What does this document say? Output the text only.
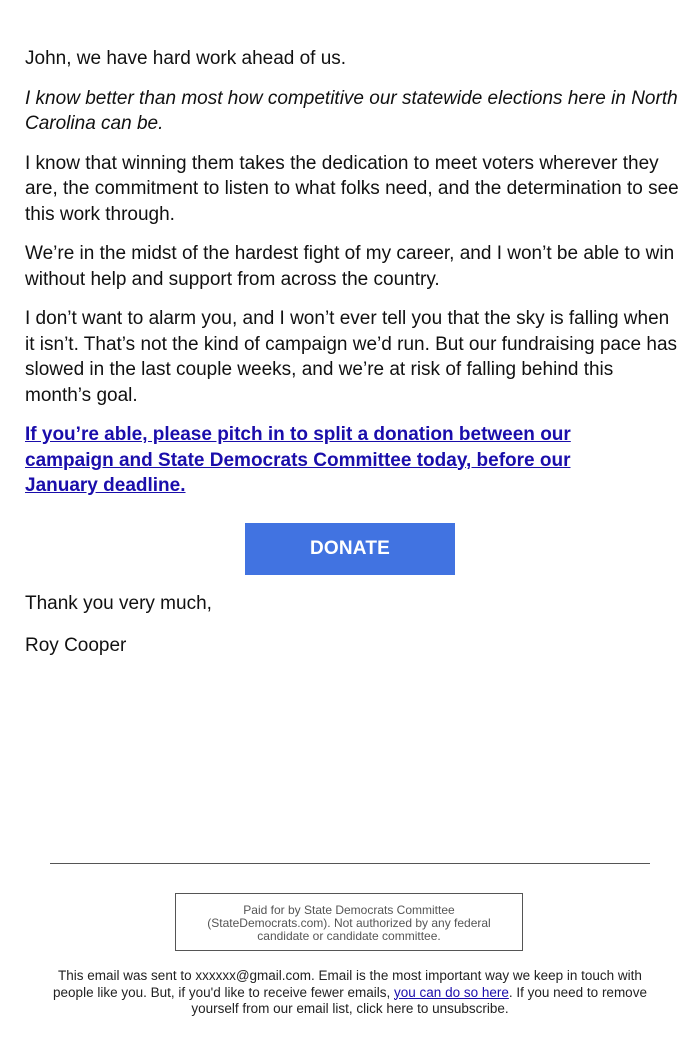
John, we have hard work ahead of us.

I know better than most how competitive our statewide elections here in North Carolina can be.

I know that winning them takes the dedication to meet voters wherever they are, the commitment to listen to what folks need, and the determination to see this work through.

We’re in the midst of the hardest fight of my career, and I won’t be able to win without help and support from across the country.

I don’t want to alarm you, and I won’t ever tell you that the sky is falling when it isn’t. That’s not the kind of campaign we’d run. But our fundraising pace has slowed in the last couple weeks, and we’re at risk of falling behind this month’s goal.

If you’re able, please pitch in to split a donation between our campaign and State Democrats Committee today, before our January deadline.
DONATE

Thank you very much,

Roy Cooper

Paid for by State Democrats Committee (StateDemocrats.com). Not authorized by any federal candidate or candidate committee.
This email was sent to xxxxxx@gmail.com. Email is the most important way we keep in touch with people like you. But, if you'd like to receive fewer emails, you can do so here. If you need to remove yourself from our email list, click here to unsubscribe.
